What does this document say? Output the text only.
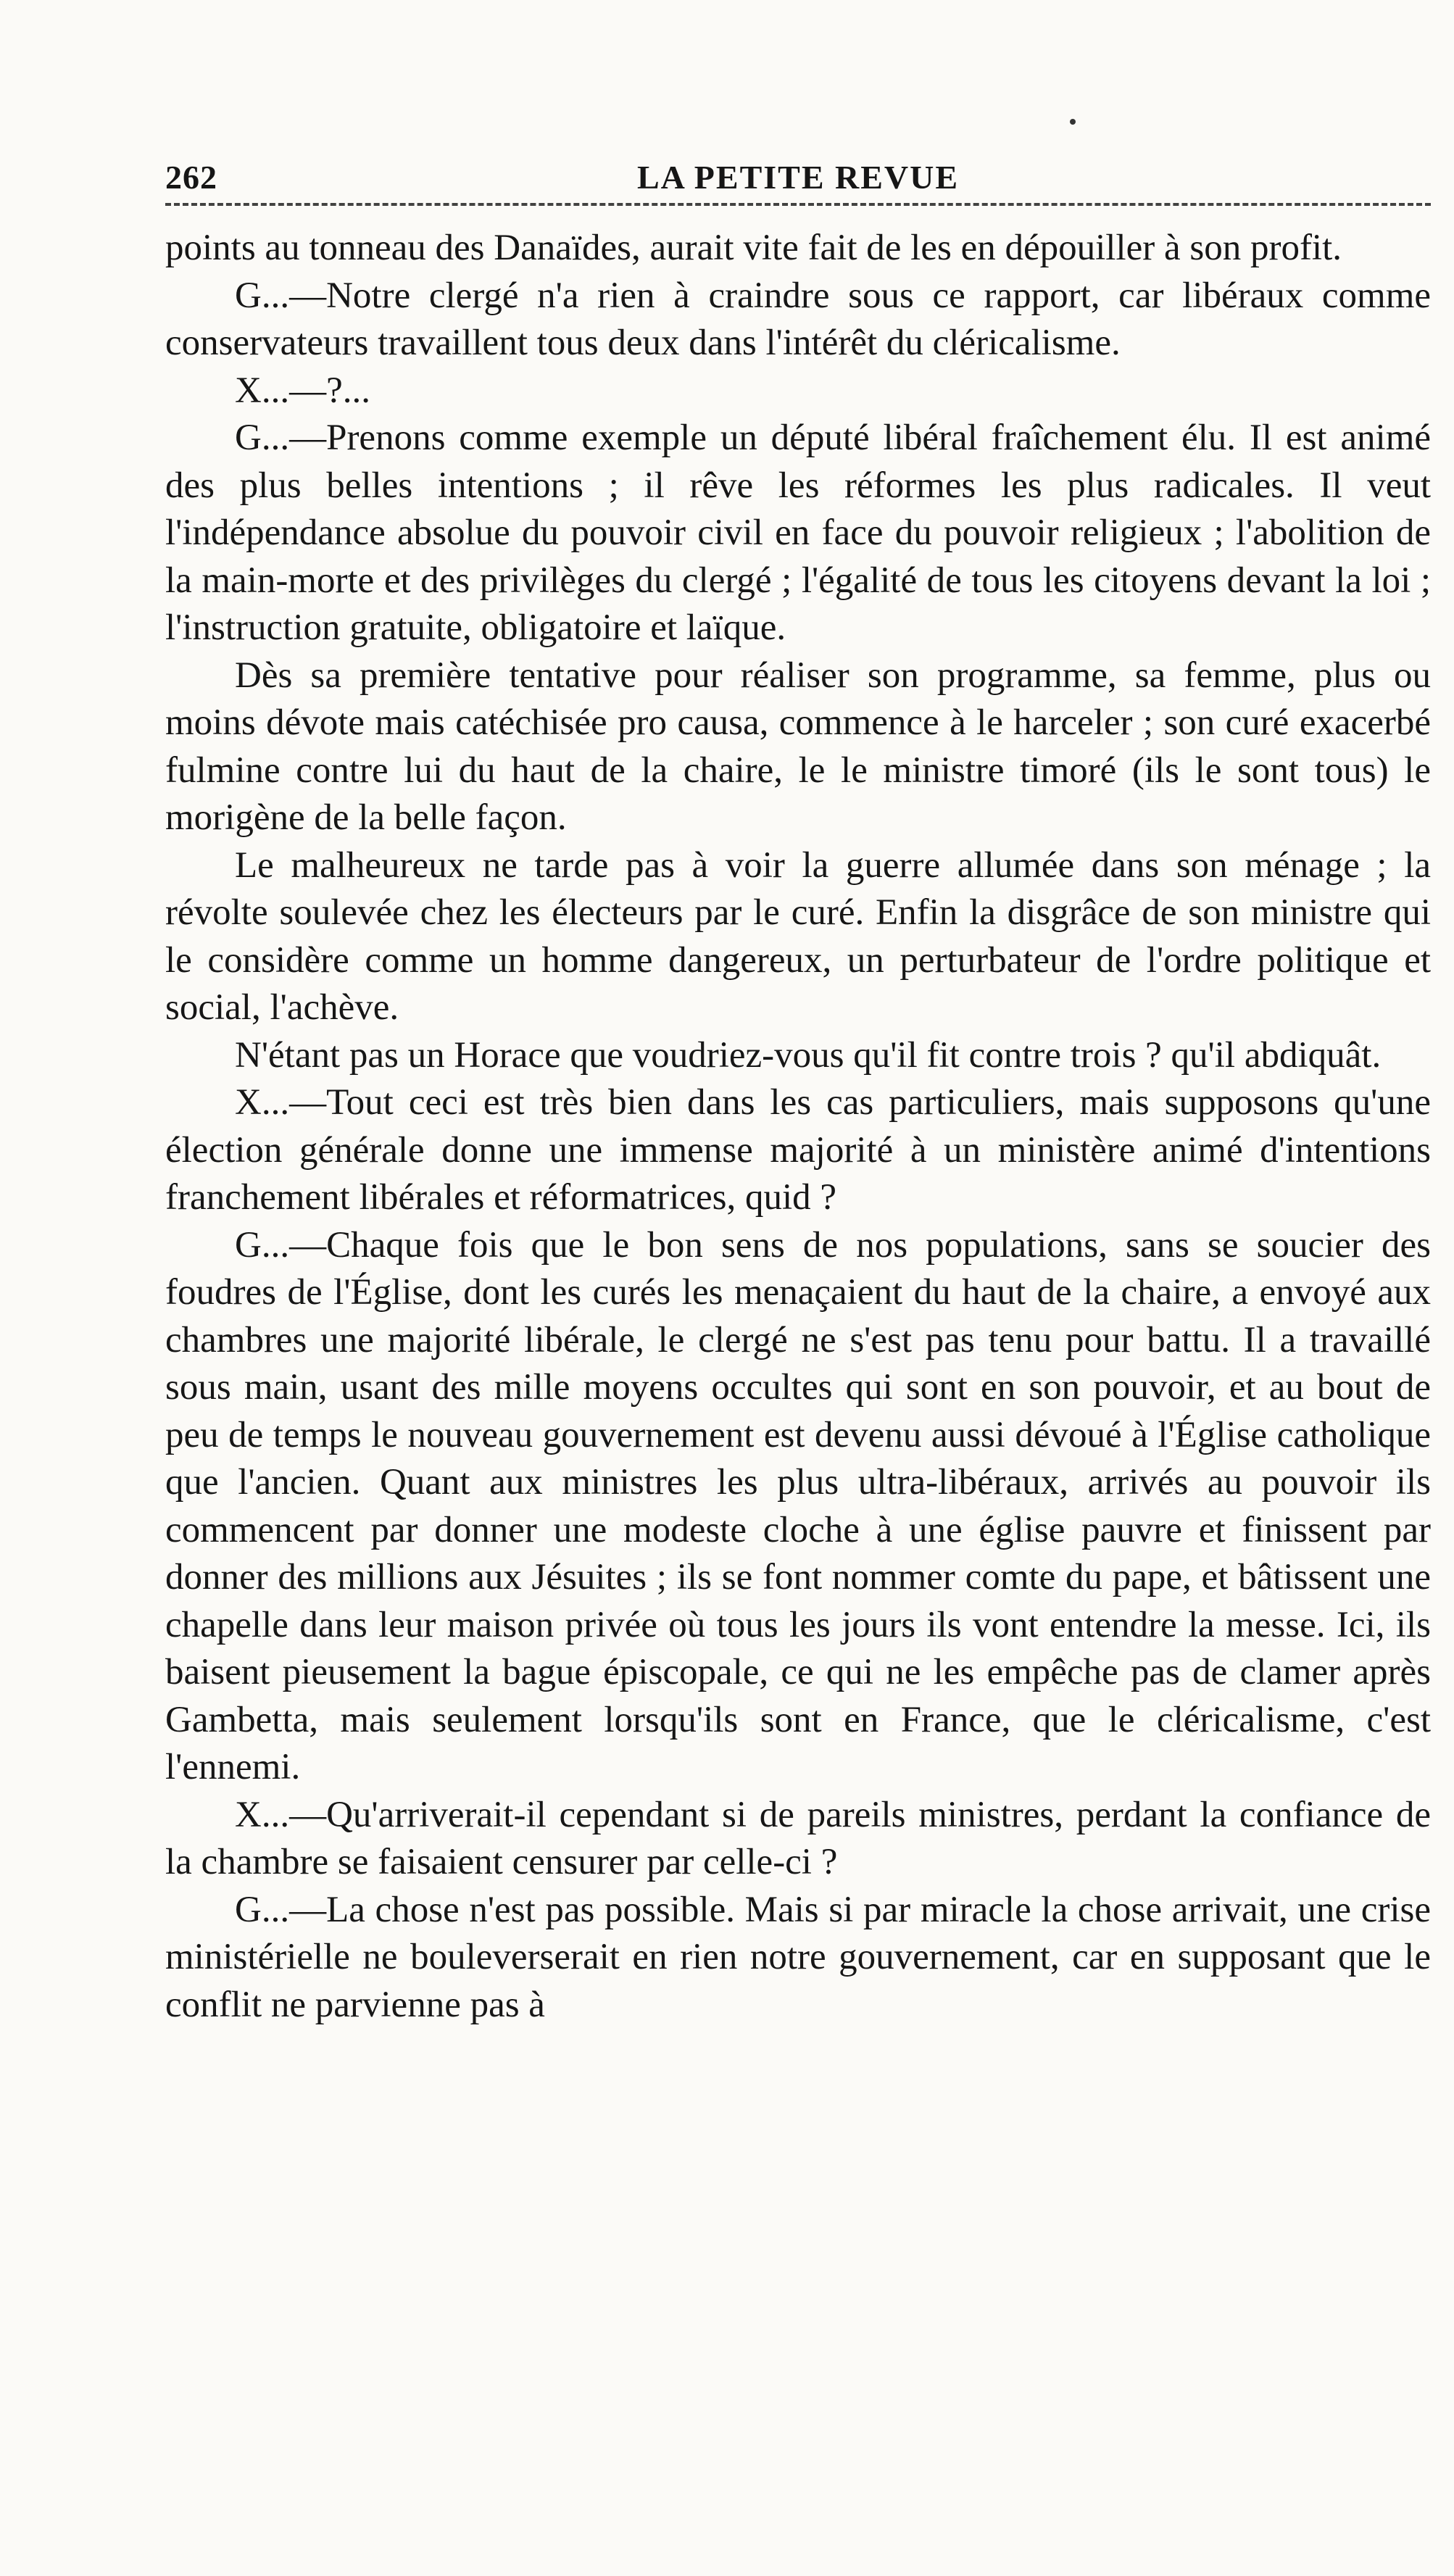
262	LA PETITE REVUE

points au tonneau des Danaïdes, aurait vite fait de les en dépouiller à son profit.

G...—Notre clergé n'a rien à craindre sous ce rapport, car libéraux comme conservateurs travaillent tous deux dans l'intérêt du cléricalisme.

X...—?...

G...—Prenons comme exemple un député libéral fraîchement élu. Il est animé des plus belles intentions ; il rêve les réformes les plus radicales. Il veut l'indépendance absolue du pouvoir civil en face du pouvoir religieux ; l'abolition de la main-morte et des privilèges du clergé ; l'égalité de tous les citoyens devant la loi ; l'instruction gratuite, obligatoire et laïque.

Dès sa première tentative pour réaliser son programme, sa femme, plus ou moins dévote mais catéchisée pro causa, commence à le harceler ; son curé exacerbé fulmine contre lui du haut de la chaire, le le ministre timoré (ils le sont tous) le morigène de la belle façon.

Le malheureux ne tarde pas à voir la guerre allumée dans son ménage ; la révolte soulevée chez les électeurs par le curé. Enfin la disgrâce de son ministre qui le considère comme un homme dangereux, un perturbateur de l'ordre politique et social, l'achève.

N'étant pas un Horace que voudriez-vous qu'il fit contre trois ? qu'il abdiquât.

X...—Tout ceci est très bien dans les cas particuliers, mais supposons qu'une élection générale donne une immense majorité à un ministère animé d'intentions franchement libérales et réformatrices, quid ?

G...—Chaque fois que le bon sens de nos populations, sans se soucier des foudres de l'Église, dont les curés les menaçaient du haut de la chaire, a envoyé aux chambres une majorité libérale, le clergé ne s'est pas tenu pour battu. Il a travaillé sous main, usant des mille moyens occultes qui sont en son pouvoir, et au bout de peu de temps le nouveau gouvernement est devenu aussi dévoué à l'Église catholique que l'ancien. Quant aux ministres les plus ultra-libéraux, arrivés au pouvoir ils commencent par donner une modeste cloche à une église pauvre et finissent par donner des millions aux Jésuites ; ils se font nommer comte du pape, et bâtissent une chapelle dans leur maison privée où tous les jours ils vont entendre la messe. Ici, ils baisent pieusement la bague épiscopale, ce qui ne les empêche pas de clamer après Gambetta, mais seulement lorsqu'ils sont en France, que le cléricalisme, c'est l'ennemi.

X...—Qu'arriverait-il cependant si de pareils ministres, perdant la confiance de la chambre se faisaient censurer par celle-ci ?

G...—La chose n'est pas possible. Mais si par miracle la chose arrivait, une crise ministérielle ne bouleverserait en rien notre gouvernement, car en supposant que le conflit ne parvienne pas à
